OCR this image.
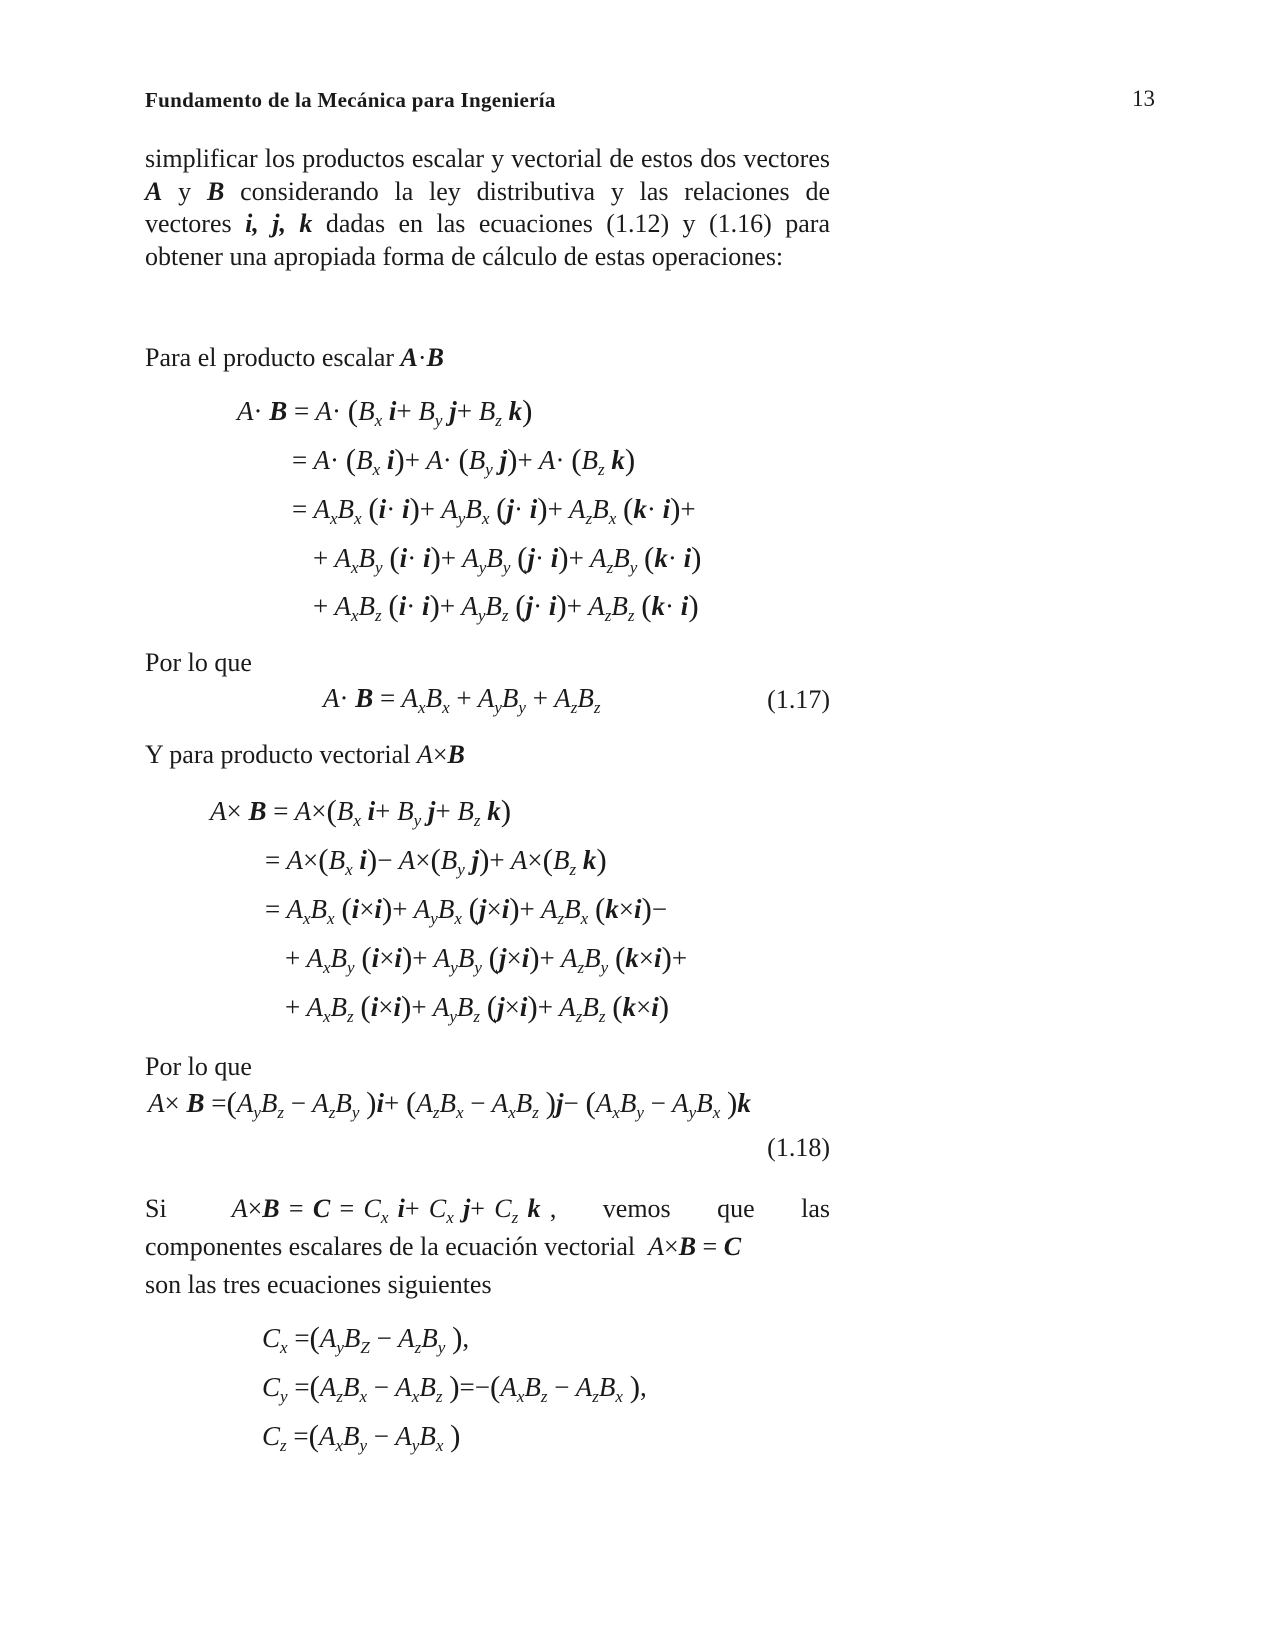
Fundamento de la Mecánica para Ingeniería	13

simplificar los productos escalar y vectorial de estos dos vectores A y B considerando la ley distributiva y las relaciones de vectores i, j, k dadas en las ecuaciones (1.12) y (1.16) para obtener una apropiada forma de cálculo de estas operaciones:

Para el producto escalar A·B
$A\cdot B = A\cdot (B_x$ $i+ B_y$ $j+ B_z$ k)
= $A\cdot (B_x$ $i)+ A\cdot (B_y$ $j)+ A\cdot (B_z$ k)
= $A_xB_x$ $(i\cdot i)+ A_yB_x$ $(j\cdot i)+ A_zB_x$ (k· i)+
+ $A_xB_y$ $(i\cdot i)+ A_yB_y$ $(j\cdot i)+ A_zB_y$ (k· i)
+ $A_xB_z$ $(i\cdot i)+ A_yB_z$ $(j\cdot i)+ A_zB_z$ (k· i)
Por lo que
$A\cdot B = A_xB_x + A_yB_y + A_zB_z$	(1.17)
Y para producto vectorial A×B
$A\times B = A\times(B_x$ $i+ B_y$ $j+ B_z$ k)
= $A\times(B_x$ $i)- A\times(B_y$ $j)+ A\times(B_z$ k)
= $A_xB_x$ $(i\times i)+ A_yB_x$ $(j\times i)+ A_zB_x$ (k×i)−
+ $A_xB_y$ $(i\times i)+ A_yB_y$ $(j\times i)+ A_zB_y$ (k×i)+
+ $A_xB_z$ $(i\times i)+ A_yB_z$ $(j\times i)+ A_zB_z$ (k×i)
Por lo que
$A\times B =(A_yB_z - A_zB_y$ )$i+ (A_zB_x - A_xB_z$ )$j- (A_xB_y - A_yB_x$ )k
(1.18)

Si       $A\times B = C = C_x$ $i+ C_x$ $j+ C_z$ k ,     vemos     que     las
componentes escalares de la ecuación vectorial  A×B = C
son las tres ecuaciones siguientes

$C_x =(A_yB_Z - A_zB_y$ ),
$C_y =(A_zB_x - A_xB_z$ )$=-(A_xB_z - A_zB_x$ ),
$C_z =(A_xB_y - A_yB_x$ )
